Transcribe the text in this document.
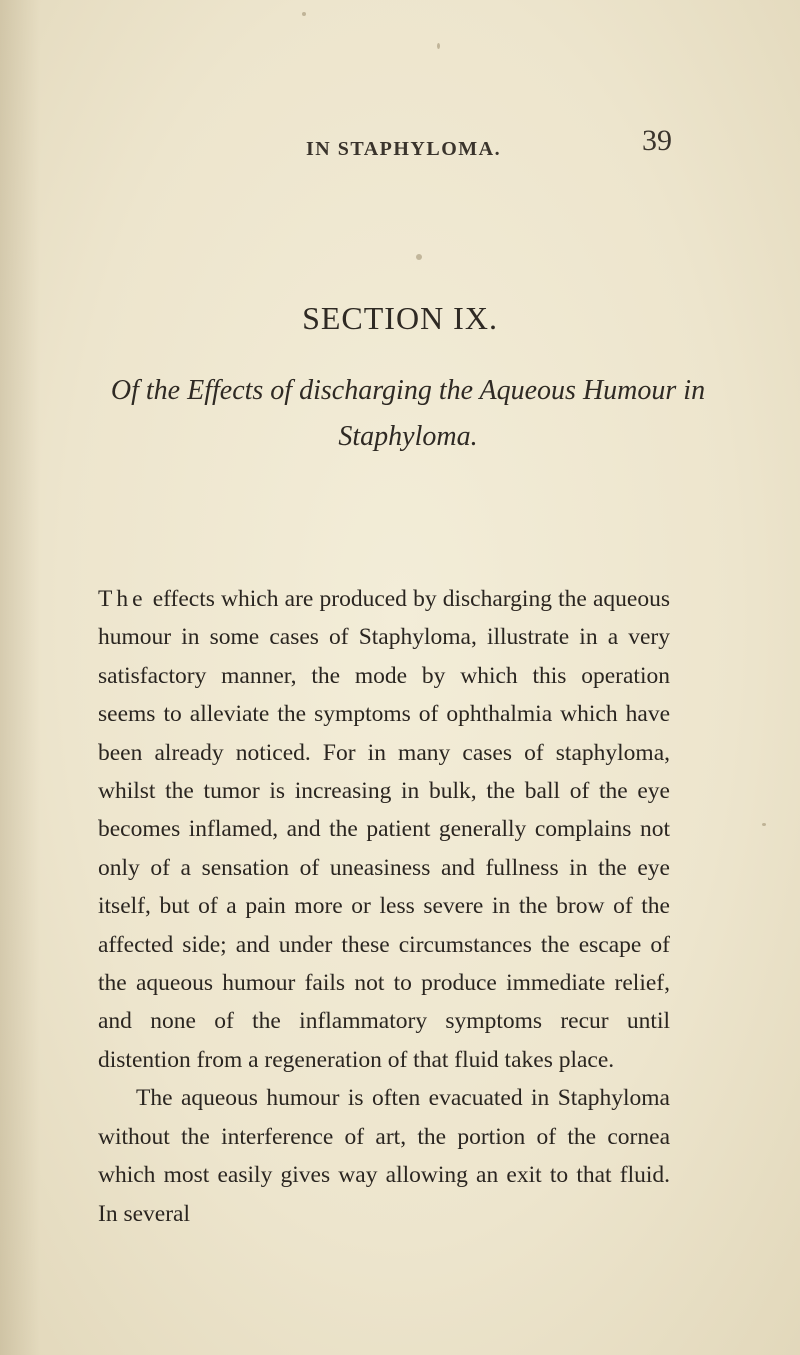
IN STAPHYLOMA.	39
SECTION IX.
Of the Effects of discharging the Aqueous Humour in Staphyloma.

The effects which are produced by discharging the aqueous humour in some cases of Staphyloma, illustrate in a very satisfactory manner, the mode by which this operation seems to alleviate the symptoms of ophthalmia which have been already noticed. For in many cases of staphyloma, whilst the tumor is increasing in bulk, the ball of the eye becomes inflamed, and the patient generally complains not only of a sensation of uneasiness and fullness in the eye itself, but of a pain more or less severe in the brow of the affected side; and under these circumstances the escape of the aqueous humour fails not to produce immediate relief, and none of the inflammatory symptoms recur until distention from a regeneration of that fluid takes place.

The aqueous humour is often evacuated in Staphyloma without the interference of art, the portion of the cornea which most easily gives way allowing an exit to that fluid. In several
